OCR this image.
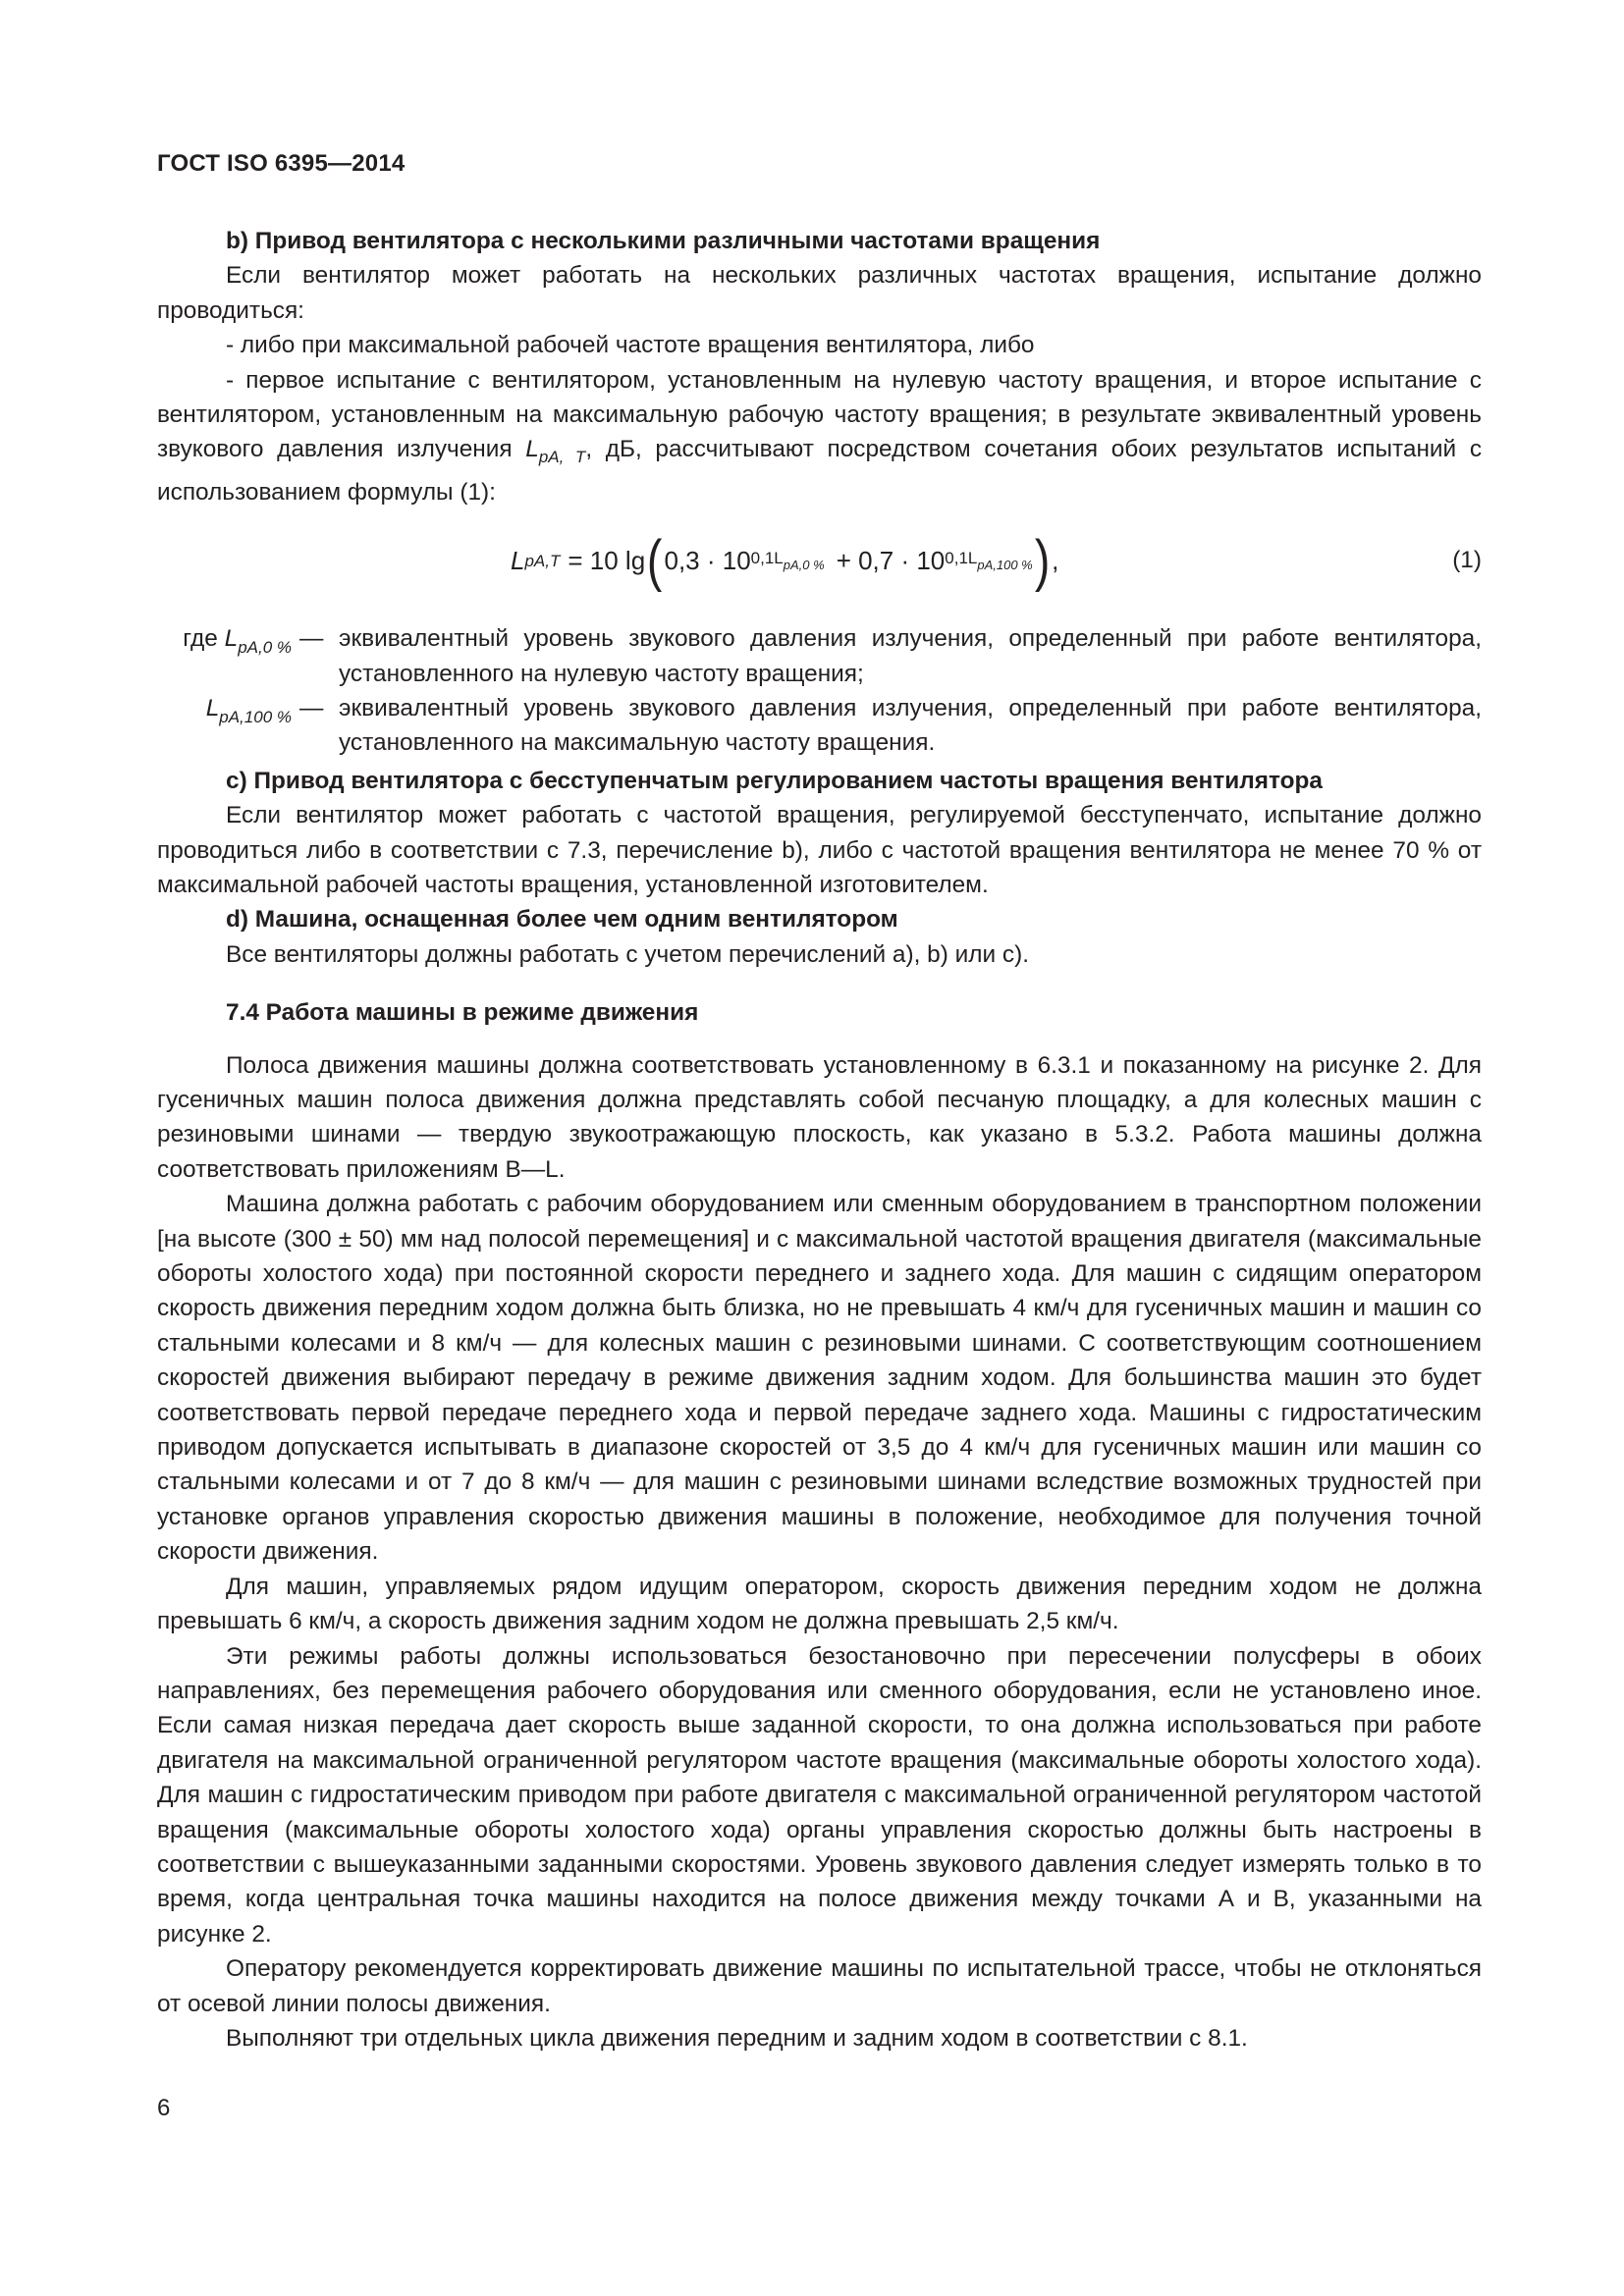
ГОСТ ISO 6395—2014

b) Привод вентилятора с несколькими различными частотами вращения

Если вентилятор может работать на нескольких различных частотах вращения, испытание должно проводиться:

- либо при максимальной рабочей частоте вращения вентилятора, либо

- первое испытание с вентилятором, установленным на нулевую частоту вращения, и второе испытание с вентилятором, установленным на максимальную рабочую частоту вращения; в результате эквивалентный уровень звукового давления излучения $L_{pA, T}$, дБ, рассчитывают посредством сочетания обоих результатов испытаний с использованием формулы (1):

L pA,T = 10 lg ( 0,3 · 10 $0,1L_{pA,0 \%} + 0,7 \cdot 10$ $0,1L_{pA,100 \%}$ ) ,	(1)
где $L_{pA,0 \%}$ — эквивалентный уровень звукового давления излучения, определенный при работе вентилятора, установленного на нулевую частоту вращения;
$L_{pA,100 \%}$ — эквивалентный уровень звукового давления излучения, определенный при работе вентилятора, установленного на максимальную частоту вращения.

с) Привод вентилятора с бесступенчатым регулированием частоты вращения вентилятора

Если вентилятор может работать с частотой вращения, регулируемой бесступенчато, испытание должно проводиться либо в соответствии с 7.3, перечисление b), либо с частотой вращения вентилятора не менее 70 % от максимальной рабочей частоты вращения, установленной изготовителем.

d) Машина, оснащенная более чем одним вентилятором

Все вентиляторы должны работать с учетом перечислений а), b) или с).

7.4 Работа машины в режиме движения

Полоса движения машины должна соответствовать установленному в 6.3.1 и показанному на рисунке 2. Для гусеничных машин полоса движения должна представлять собой песчаную площадку, а для колесных машин с резиновыми шинами — твердую звукоотражающую плоскость, как указано в 5.3.2. Работа машины должна соответствовать приложениям В—L.

Машина должна работать с рабочим оборудованием или сменным оборудованием в транспортном положении [на высоте (300 ± 50) мм над полосой перемещения] и с максимальной частотой вращения двигателя (максимальные обороты холостого хода) при постоянной скорости переднего и заднего хода. Для машин с сидящим оператором скорость движения передним ходом должна быть близка, но не превышать 4 км/ч для гусеничных машин и машин со стальными колесами и 8 км/ч — для колесных машин с резиновыми шинами. С соответствующим соотношением скоростей движения выбирают передачу в режиме движения задним ходом. Для большинства машин это будет соответствовать первой передаче переднего хода и первой передаче заднего хода. Машины с гидростатическим приводом допускается испытывать в диапазоне скоростей от 3,5 до 4 км/ч для гусеничных машин или машин со стальными колесами и от 7 до 8 км/ч — для машин с резиновыми шинами вследствие возможных трудностей при установке органов управления скоростью движения машины в положение, необходимое для получения точной скорости движения.

Для машин, управляемых рядом идущим оператором, скорость движения передним ходом не должна превышать 6 км/ч, а скорость движения задним ходом не должна превышать 2,5 км/ч.

Эти режимы работы должны использоваться безостановочно при пересечении полусферы в обоих направлениях, без перемещения рабочего оборудования или сменного оборудования, если не установлено иное. Если самая низкая передача дает скорость выше заданной скорости, то она должна использоваться при работе двигателя на максимальной ограниченной регулятором частоте вращения (максимальные обороты холостого хода). Для машин с гидростатическим приводом при работе двигателя с максимальной ограниченной регулятором частотой вращения (максимальные обороты холостого хода) органы управления скоростью должны быть настроены в соответствии с вышеуказанными заданными скоростями. Уровень звукового давления следует измерять только в то время, когда центральная точка машины находится на полосе движения между точками А и В, указанными на рисунке 2.

Оператору рекомендуется корректировать движение машины по испытательной трассе, чтобы не отклоняться от осевой линии полосы движения.

Выполняют три отдельных цикла движения передним и задним ходом в соответствии с 8.1.

6
